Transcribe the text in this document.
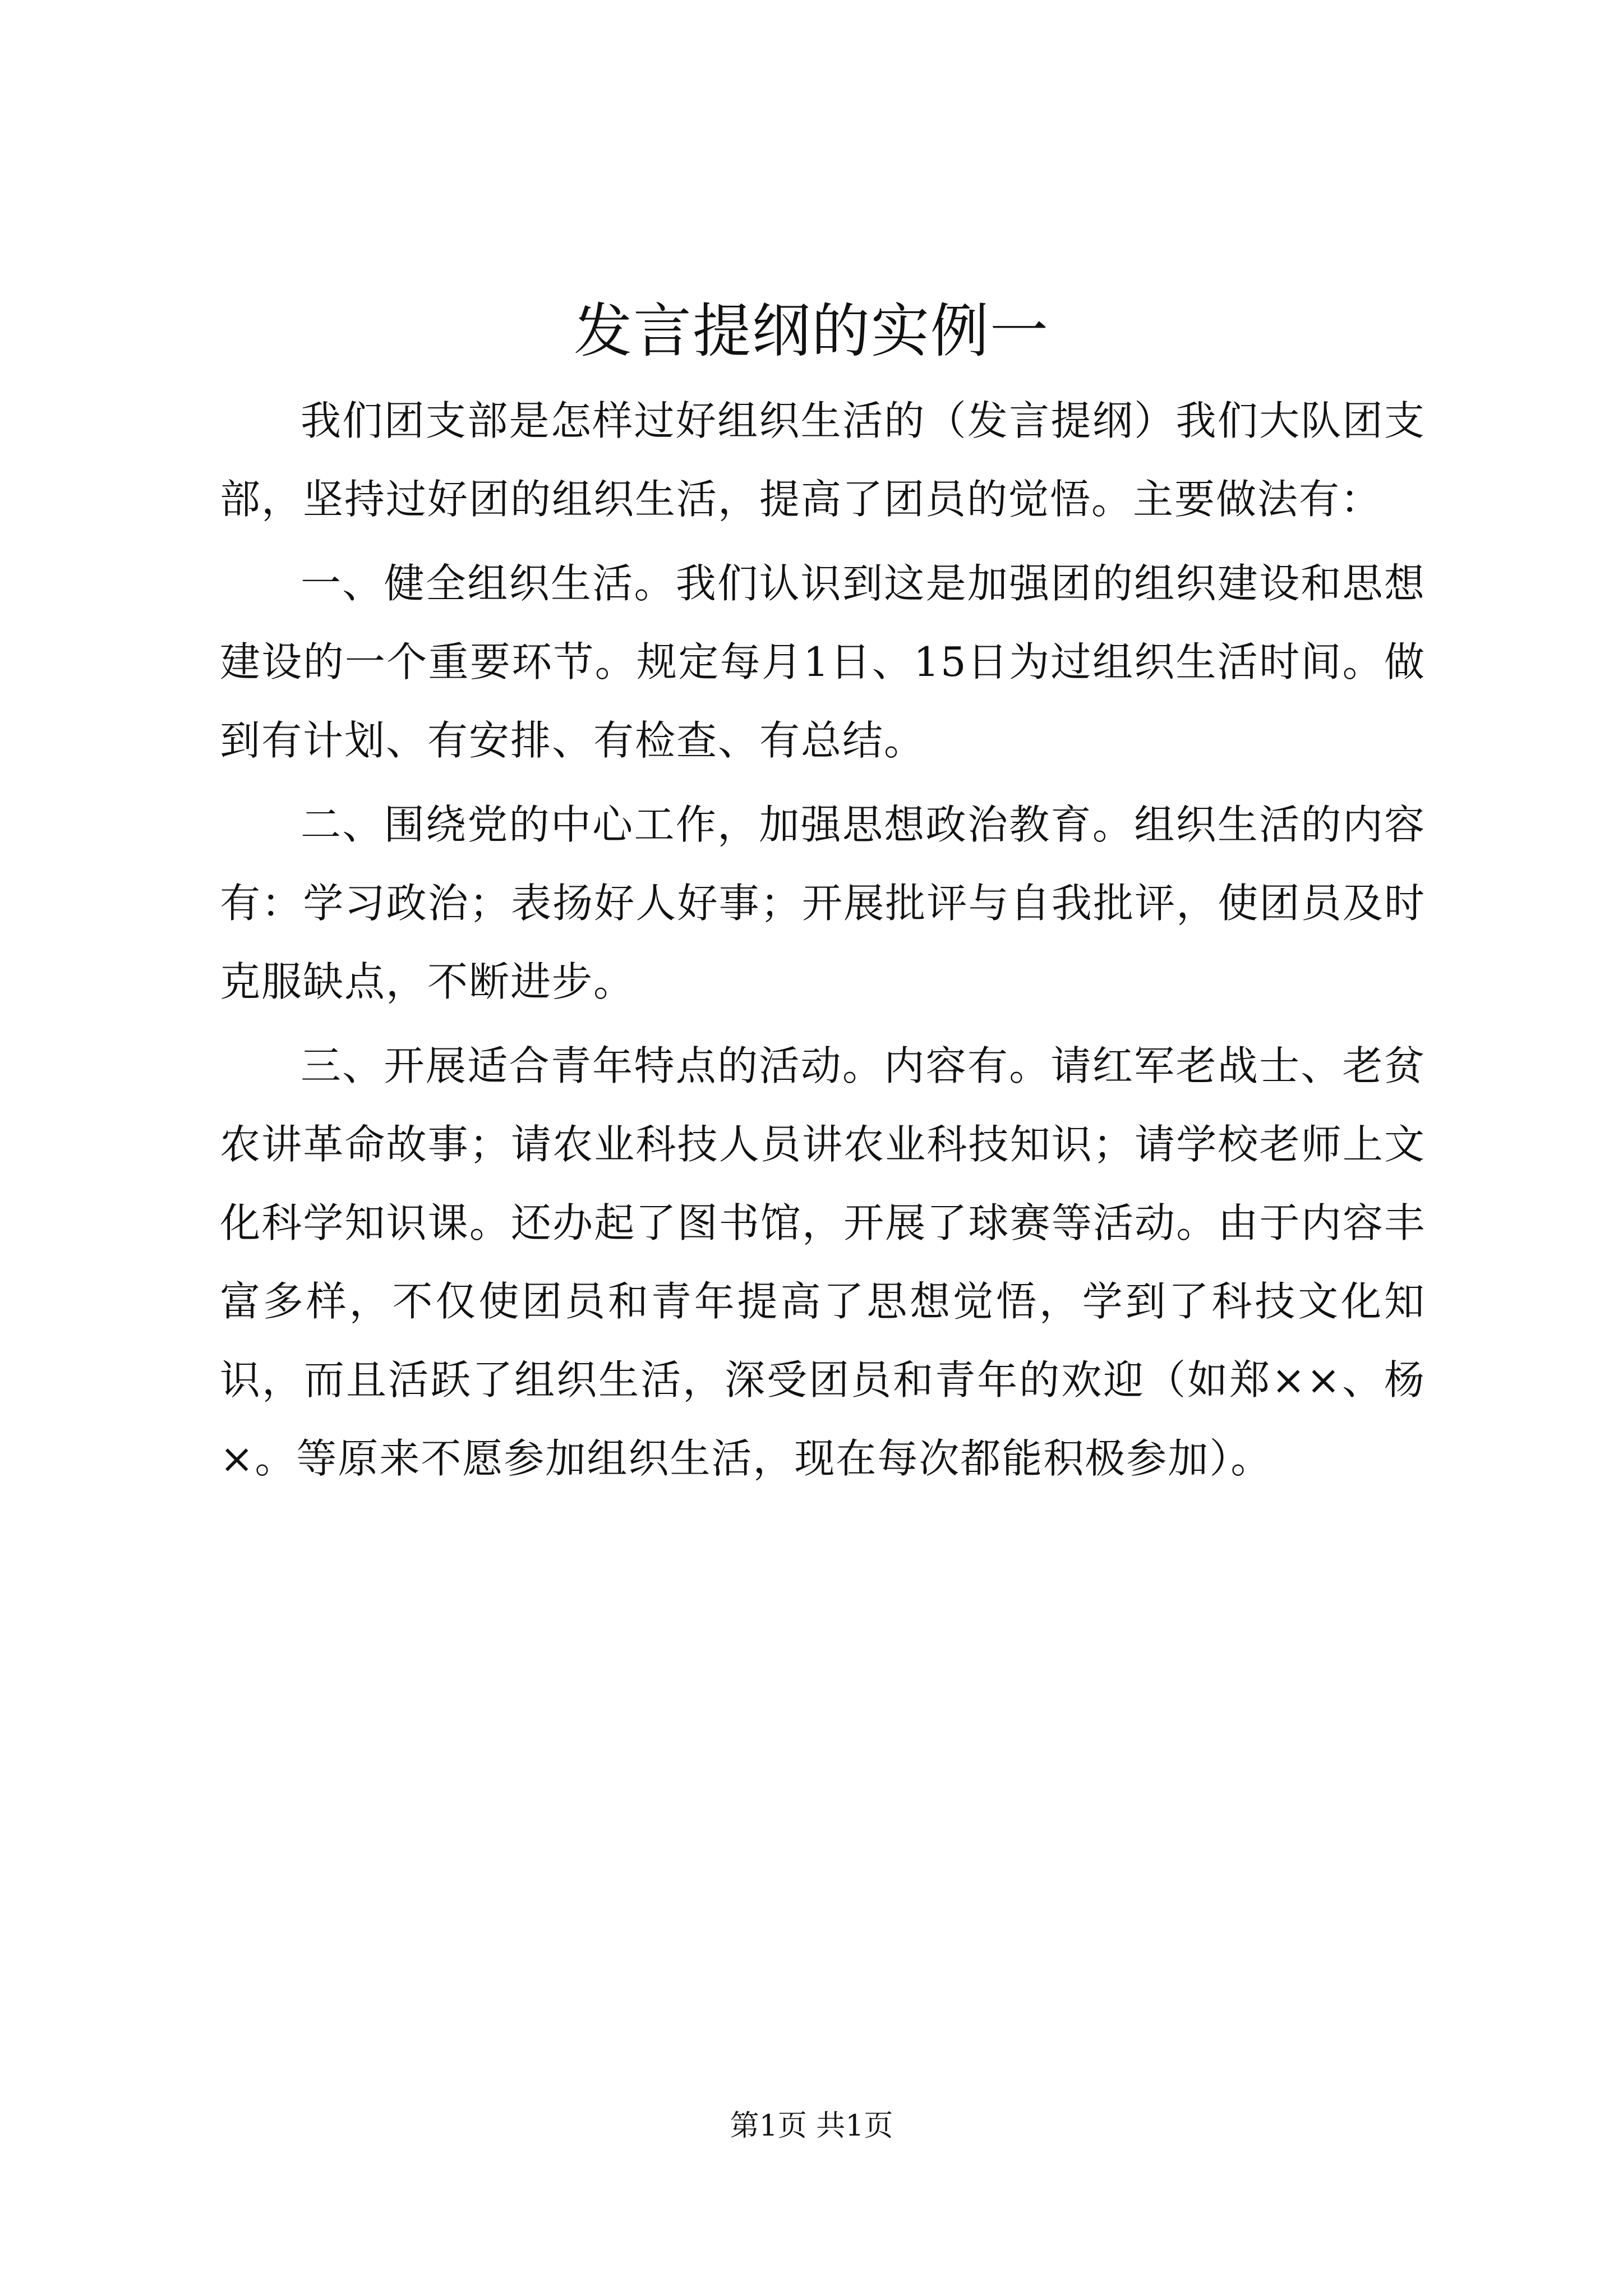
发言提纲的实例一

我们团支部是怎样过好组织生活的（发言提纲）我们大队团支部，坚持过好团的组织生活，提高了团员的觉悟。主要做法有：

一、健全组织生活。我们认识到这是加强团的组织建设和思想建设的一个重要环节。规定每月1日、15日为过组织生活时间。做到有计划、有安排、有检查、有总结。

二、围绕党的中心工作，加强思想政治教育。组织生活的内容有：学习政治；表扬好人好事；开展批评与自我批评，使团员及时克服缺点，不断进步。

三、开展适合青年特点的活动。内容有。请红军老战士、老贫农讲革命故事；请农业科技人员讲农业科技知识；请学校老师上文化科学知识课。还办起了图书馆，开展了球赛等活动。由于内容丰富多样，不仅使团员和青年提高了思想觉悟，学到了科技文化知识，而且活跃了组织生活，深受团员和青年的欢迎（如郑××、杨×。等原来不愿参加组织生活，现在每次都能积极参加）。

第1页 共1页
